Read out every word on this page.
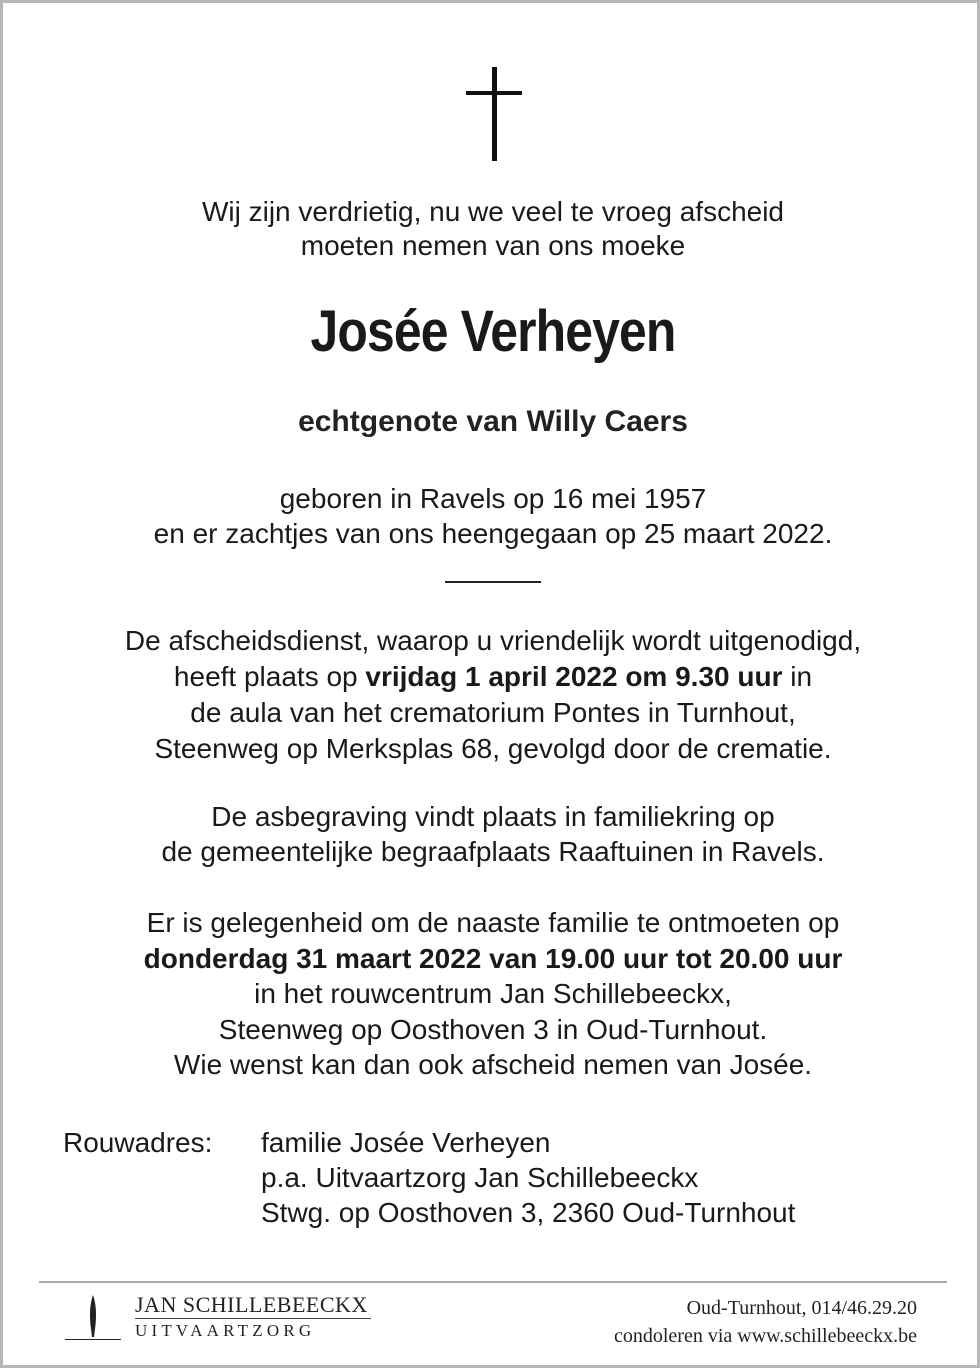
Wij zijn verdrietig, nu we veel te vroeg afscheid
moeten nemen van ons moeke
Josée Verheyen
echtgenote van Willy Caers
geboren in Ravels op 16 mei 1957
en er zachtjes van ons heengegaan op 25 maart 2022.
De afscheidsdienst, waarop u vriendelijk wordt uitgenodigd,
heeft plaats op vrijdag 1 april 2022 om 9.30 uur in
de aula van het crematorium Pontes in Turnhout,
Steenweg op Merksplas 68, gevolgd door de crematie.
De asbegraving vindt plaats in familiekring op
de gemeentelijke begraafplaats Raaftuinen in Ravels.
Er is gelegenheid om de naaste familie te ontmoeten op
donderdag 31 maart 2022 van 19.00 uur tot 20.00 uur
in het rouwcentrum Jan Schillebeeckx,
Steenweg op Oosthoven 3 in Oud-Turnhout.
Wie wenst kan dan ook afscheid nemen van Josée.
Rouwadres: familie Josée Verheyen
p.a. Uitvaartzorg Jan Schillebeeckx
Stwg. op Oosthoven 3, 2360 Oud-Turnhout
JAN SCHILLEBEECKX
UITVAARTZORG
Oud-Turnhout, 014/46.29.20
condoleren via www.schillebeeckx.be
